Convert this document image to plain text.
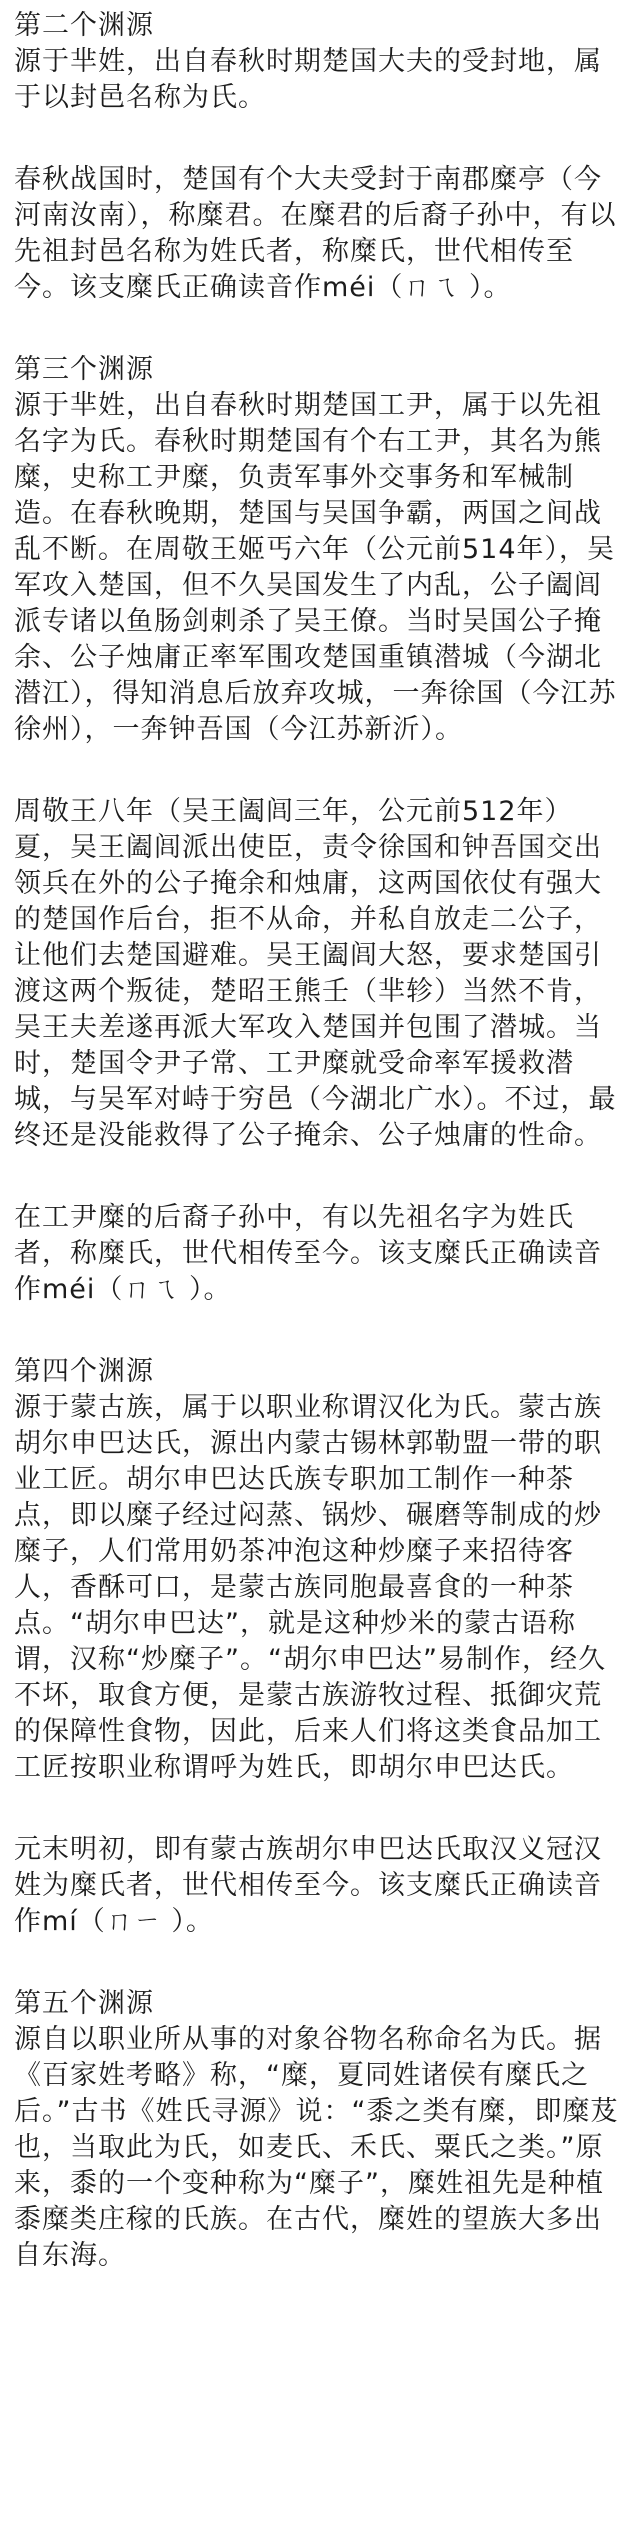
第二个渊源
源于芈姓，出自春秋时期楚国大夫的受封地，属于以封邑名称为氏。
春秋战国时，楚国有个大夫受封于南郡糜亭（今河南汝南），称糜君。在糜君的后裔子孙中，有以先祖封邑名称为姓氏者，称糜氏，世代相传至今。该支糜氏正确读音作méi（ㄇㄟ ）。
第三个渊源
源于芈姓，出自春秋时期楚国工尹，属于以先祖名字为氏。春秋时期楚国有个右工尹，其名为熊糜，史称工尹糜，负责军事外交事务和军械制造。在春秋晚期，楚国与吴国争霸，两国之间战乱不断。在周敬王姬丐六年（公元前514年），吴军攻入楚国，但不久吴国发生了内乱，公子阖闾派专诸以鱼肠剑刺杀了吴王僚。当时吴国公子掩余、公子烛庸正率军围攻楚国重镇潜城（今湖北潜江），得知消息后放弃攻城，一奔徐国（今江苏徐州），一奔钟吾国（今江苏新沂）。
周敬王八年（吴王阖闾三年，公元前512年）夏，吴王阖闾派出使臣，责令徐国和钟吾国交出领兵在外的公子掩余和烛庸，这两国依仗有强大的楚国作后台，拒不从命，并私自放走二公子，让他们去楚国避难。吴王阖闾大怒，要求楚国引渡这两个叛徒，楚昭王熊壬（芈轸）当然不肯，吴王夫差遂再派大军攻入楚国并包围了潜城。当时，楚国令尹子常、工尹糜就受命率军援救潜城，与吴军对峙于穷邑（今湖北广水）。不过，最终还是没能救得了公子掩余、公子烛庸的性命。
在工尹糜的后裔子孙中，有以先祖名字为姓氏者，称糜氏，世代相传至今。该支糜氏正确读音作méi（ㄇㄟ ）。
第四个渊源
源于蒙古族，属于以职业称谓汉化为氏。蒙古族胡尔申巴达氏，源出内蒙古锡林郭勒盟一带的职业工匠。胡尔申巴达氏族专职加工制作一种茶点，即以糜子经过闷蒸、锅炒、碾磨等制成的炒糜子，人们常用奶茶冲泡这种炒糜子来招待客人，香酥可口，是蒙古族同胞最喜食的一种茶点。“胡尔申巴达”，就是这种炒米的蒙古语称谓，汉称“炒糜子”。“胡尔申巴达”易制作，经久不坏，取食方便，是蒙古族游牧过程、抵御灾荒的保障性食物，因此，后来人们将这类食品加工工匠按职业称谓呼为姓氏，即胡尔申巴达氏。
元末明初，即有蒙古族胡尔申巴达氏取汉义冠汉姓为糜氏者，世代相传至今。该支糜氏正确读音作mí（ㄇㄧ ）。
第五个渊源
源自以职业所从事的对象谷物名称命名为氏。据《百家姓考略》称，“糜，夏同姓诸侯有糜氏之后。”古书《姓氏寻源》说：“黍之类有糜，即糜芨也，当取此为氏，如麦氏、禾氏、粟氏之类。”原来，黍的一个变种称为“糜子”，糜姓祖先是种植黍糜类庄稼的氏族。在古代，糜姓的望族大多出自东海。
